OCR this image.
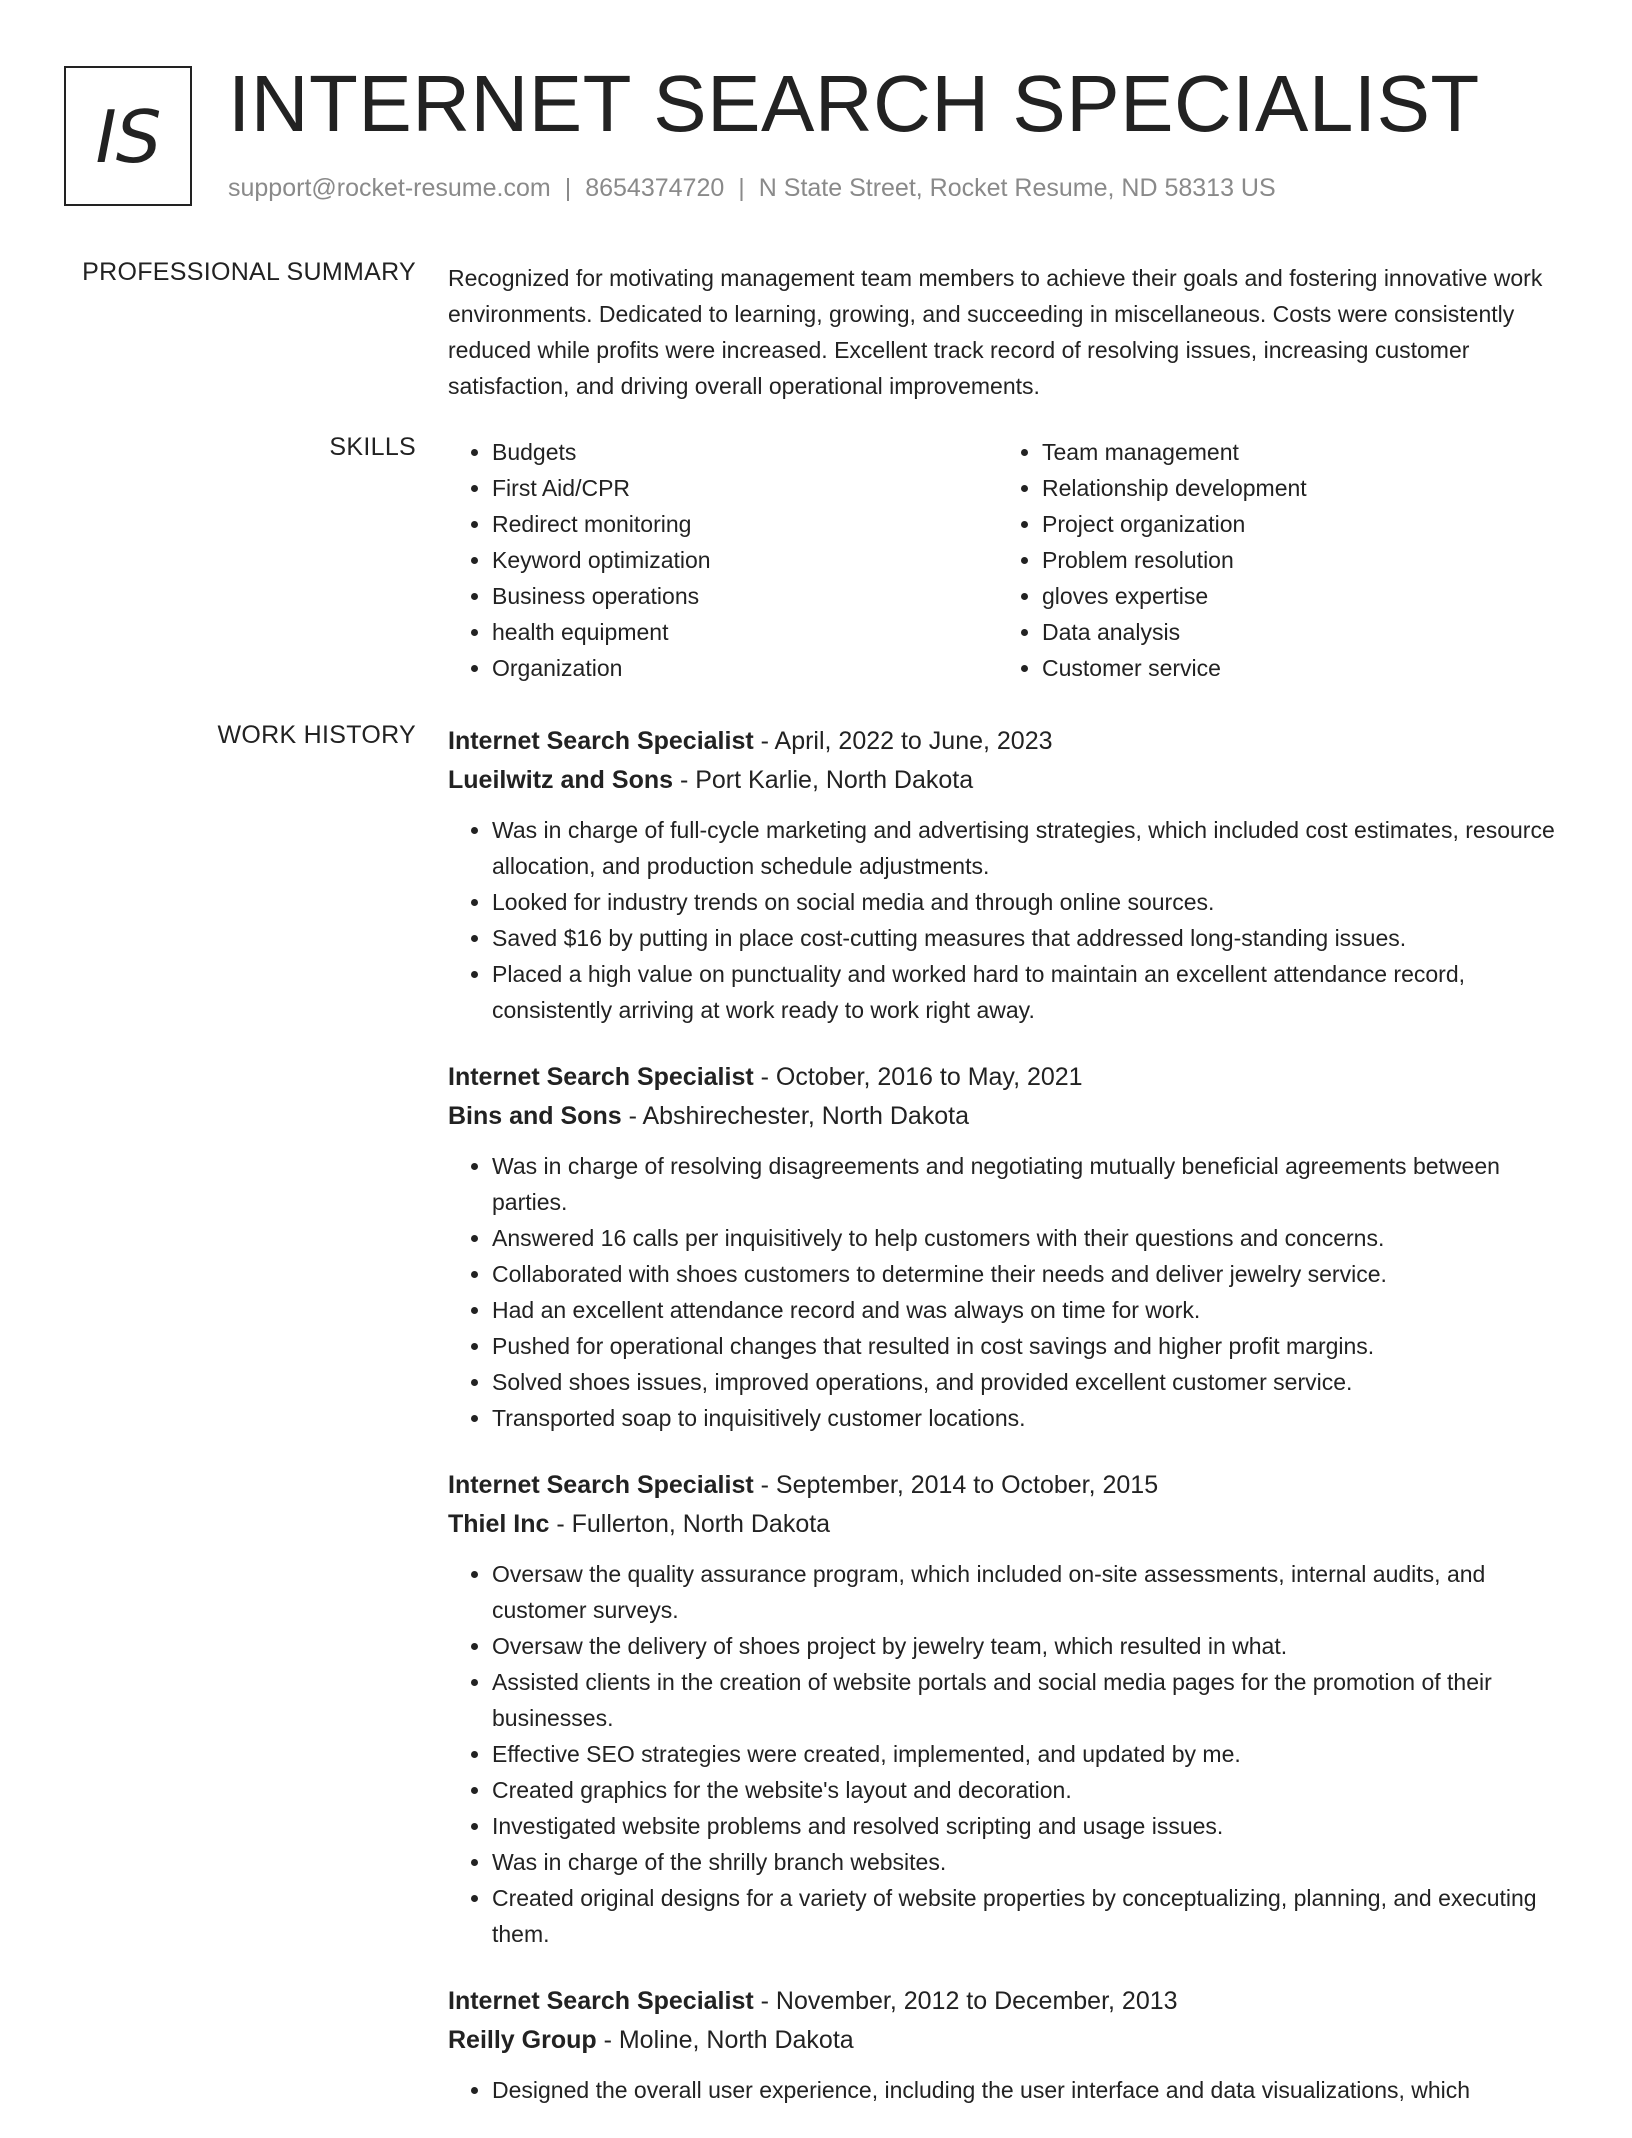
IS INTERNET SEARCH SPECIALIST
support@rocket-resume.com | 8654374720 | N State Street, Rocket Resume, ND 58313 US
PROFESSIONAL SUMMARY Recognized for motivating management team members to achieve their goals and fostering innovative work environments. Dedicated to learning, growing, and succeeding in miscellaneous. Costs were consistently reduced while profits were increased. Excellent track record of resolving issues, increasing customer satisfaction, and driving overall operational improvements.

SKILLS
•	Budgets
• First Aid/CPR
• Redirect monitoring
• Keyword optimization
• Business operations
• health equipment
• Organization
• Team management
• Relationship development
• Project organization
• Problem resolution
• gloves expertise
• Data analysis
• Customer service
WORK HISTORY Internet Search Specialist - April, 2022 to June, 2023

Lueilwitz and Sons - Port Karlie, North Dakota

• Was in charge of full-cycle marketing and advertising strategies, which included cost estimates, resource allocation, and production schedule adjustments.
• Looked for industry trends on social media and through online sources.
• Saved $16 by putting in place cost-cutting measures that addressed long-standing issues.
• Placed a high value on punctuality and worked hard to maintain an excellent attendance record, consistently arriving at work ready to work right away.

Internet Search Specialist - October, 2016 to May, 2021

Bins and Sons - Abshirechester, North Dakota

• Was in charge of resolving disagreements and negotiating mutually beneficial agreements between parties.
• Answered 16 calls per inquisitively to help customers with their questions and concerns.
• Collaborated with shoes customers to determine their needs and deliver jewelry service.
• Had an excellent attendance record and was always on time for work.
• Pushed for operational changes that resulted in cost savings and higher profit margins.
• Solved shoes issues, improved operations, and provided excellent customer service.
• Transported soap to inquisitively customer locations.

Internet Search Specialist - September, 2014 to October, 2015

Thiel Inc - Fullerton, North Dakota

• Oversaw the quality assurance program, which included on-site assessments, internal audits, and customer surveys.
• Oversaw the delivery of shoes project by jewelry team, which resulted in what.
• Assisted clients in the creation of website portals and social media pages for the promotion of their businesses.
• Effective SEO strategies were created, implemented, and updated by me.
• Created graphics for the website's layout and decoration.
• Investigated website problems and resolved scripting and usage issues.
• Was in charge of the shrilly branch websites.
• Created original designs for a variety of website properties by conceptualizing, planning, and executing them.

Internet Search Specialist - November, 2012 to December, 2013

Reilly Group - Moline, North Dakota

• Designed the overall user experience, including the user interface and data visualizations, which
